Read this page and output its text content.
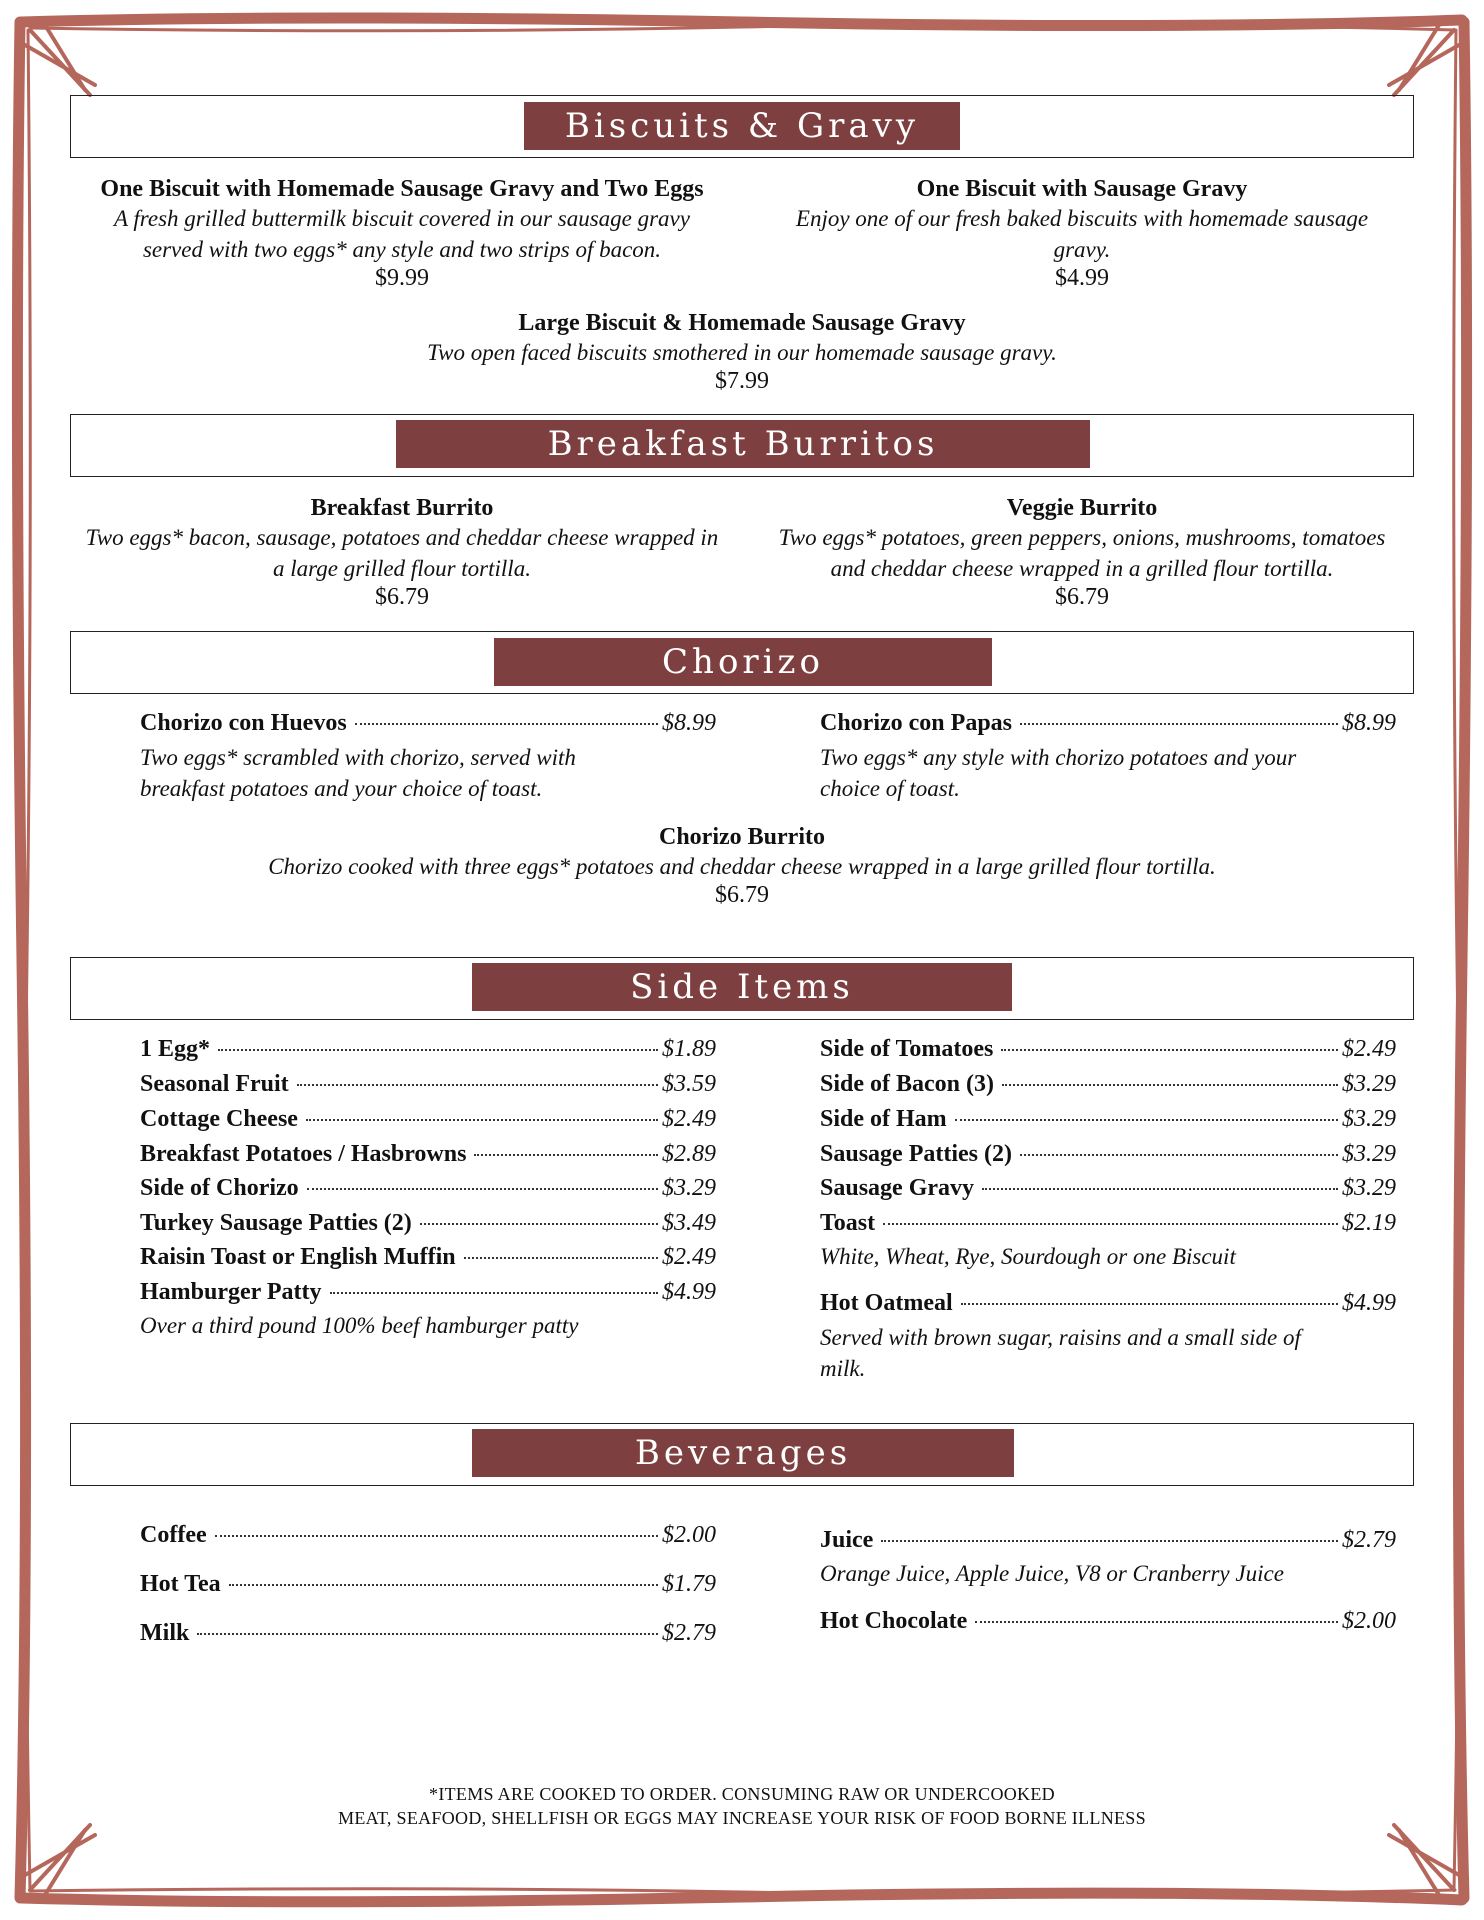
Biscuits & Gravy
One Biscuit with Homemade Sausage Gravy and Two Eggs
A fresh grilled buttermilk biscuit covered in our sausage gravy
served with two eggs* any style and two strips of bacon.
$9.99
One Biscuit with Sausage Gravy
Enjoy one of our fresh baked biscuits with homemade sausage
gravy.
$4.99
Large Biscuit & Homemade Sausage Gravy
Two open faced biscuits smothered in our homemade sausage gravy.
$7.99
Breakfast Burritos
Breakfast Burrito
Two eggs* bacon, sausage, potatoes and cheddar cheese wrapped in
a large grilled flour tortilla.
$6.79
Veggie Burrito
Two eggs* potatoes, green peppers, onions, mushrooms, tomatoes
and cheddar cheese wrapped in a grilled flour tortilla.
$6.79
Chorizo
Chorizo con Huevos	$8.99
Two eggs* scrambled with chorizo, served with
breakfast potatoes and your choice of toast.
Chorizo con Papas	$8.99
Two eggs* any style with chorizo potatoes and your
choice of toast.
Chorizo Burrito
Chorizo cooked with three eggs* potatoes and cheddar cheese wrapped in a large grilled flour tortilla.
$6.79
Side Items
1 Egg*	$1.89
Seasonal Fruit	$3.59
Cottage Cheese	$2.49
Breakfast Potatoes / Hasbrowns	$2.89
Side of Chorizo	$3.29
Turkey Sausage Patties (2)	$3.49
Raisin Toast or English Muffin	$2.49
Hamburger Patty	$4.99
Over a third pound 100% beef hamburger patty
Side of Tomatoes	$2.49
Side of Bacon (3)	$3.29
Side of Ham	$3.29
Sausage Patties (2)	$3.29
Sausage Gravy	$3.29
Toast	$2.19
White, Wheat, Rye, Sourdough or one Biscuit
Hot Oatmeal	$4.99
Served with brown sugar, raisins and a small side of
milk.
Beverages
Coffee	$2.00
Hot Tea	$1.79
Milk	$2.79
Juice	$2.79
Orange Juice, Apple Juice, V8 or Cranberry Juice
Hot Chocolate	$2.00
*ITEMS ARE COOKED TO ORDER. CONSUMING RAW OR UNDERCOOKED
MEAT, SEAFOOD, SHELLFISH OR EGGS MAY INCREASE YOUR RISK OF FOOD BORNE ILLNESS
